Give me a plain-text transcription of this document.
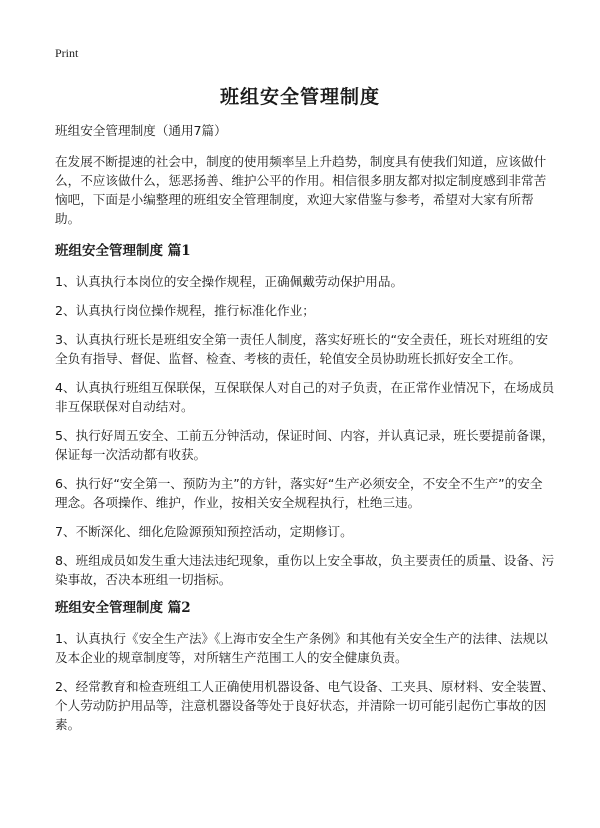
Print
班组安全管理制度

班组安全管理制度（通用7篇）

在发展不断提速的社会中，制度的使用频率呈上升趋势，制度具有使我们知道，应该做什么，不应该做什么，惩恶扬善、维护公平的作用。相信很多朋友都对拟定制度感到非常苦恼吧，下面是小编整理的班组安全管理制度，欢迎大家借鉴与参考，希望对大家有所帮助。

班组安全管理制度 篇1

1、认真执行本岗位的安全操作规程，正确佩戴劳动保护用品。

2、认真执行岗位操作规程，推行标准化作业；

3、认真执行班长是班组安全第一责任人制度，落实好班长的“安全责任，班长对班组的安全负有指导、督促、监督、检查、考核的责任，轮值安全员协助班长抓好安全工作。

4、认真执行班组互保联保，互保联保人对自己的对子负责，在正常作业情况下，在场成员非互保联保对自动结对。

5、执行好周五安全、工前五分钟活动，保证时间、内容，并认真记录，班长要提前备课，保证每一次活动都有收获。

6、执行好“安全第一、预防为主”的方针，落实好“生产必须安全，不安全不生产”的安全理念。各项操作、维护，作业，按相关安全规程执行，杜绝三违。

7、不断深化、细化危险源预知预控活动，定期修订。

8、班组成员如发生重大违法违纪现象，重伤以上安全事故，负主要责任的质量、设备、污染事故，否决本班组一切指标。

班组安全管理制度 篇2

1、认真执行《安全生产法》《上海市安全生产条例》和其他有关安全生产的法律、法规以及本企业的规章制度等，对所辖生产范围工人的安全健康负责。

2、经常教育和检查班组工人正确使用机器设备、电气设备、工夹具、原材料、安全装置、个人劳动防护用品等，注意机器设备等处于良好状态，并清除一切可能引起伤亡事故的因素。
